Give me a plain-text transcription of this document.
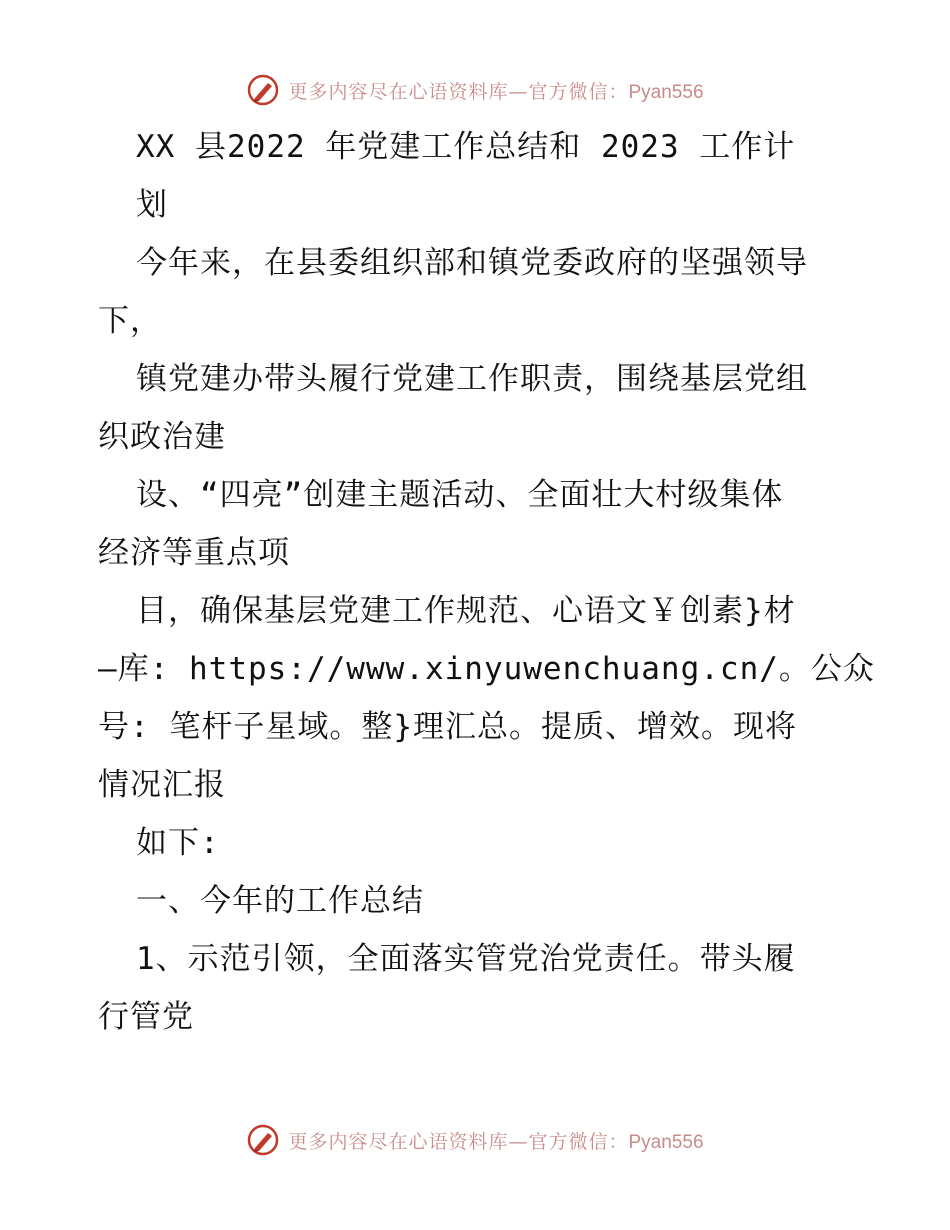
更多内容尽在心语资料库—官方微信：Pyan556
XX 县2022 年党建工作总结和 2023 工作计
划
今年来，在县委组织部和镇党委政府的坚强领导
下，
镇党建办带头履行党建工作职责，围绕基层党组
织政治建
设、“四亮”创建主题活动、全面壮大村级集体
经济等重点项
目，确保基层党建工作规范、心语文￥创素}材
—库: https://www.xinyuwenchuang.cn/。公众
号: 笔杆子星域。整}理汇总。提质、增效。现将
情况汇报
如下:
一、今年的工作总结
1、示范引领，全面落实管党治党责任。带头履
行管党
更多内容尽在心语资料库—官方微信：Pyan556
